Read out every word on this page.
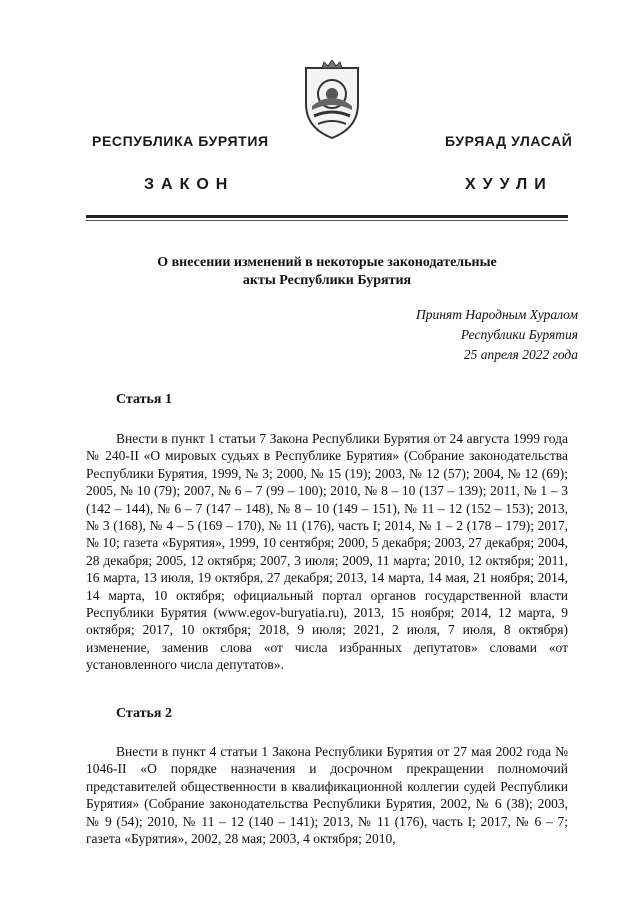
РЕСПУБЛИКА БУРЯТИЯ	БУРЯАД УЛАСАЙ
ЗАКОН	ХУУЛИ
О внесении изменений в некоторые законодательные
акты Республики Бурятия
Принят Народным Хуралом
Республики Бурятия
25 апреля 2022 года
Статья 1
Внести в пункт 1 статьи 7 Закона Республики Бурятия от 24 августа 1999 года № 240-II «О мировых судьях в Республике Бурятия» (Собрание законодательства Республики Бурятия, 1999, № 3; 2000, № 15 (19); 2003, № 12 (57); 2004, № 12 (69); 2005, № 10 (79); 2007, № 6 – 7 (99 – 100); 2010, № 8 – 10 (137 – 139); 2011, № 1 – 3 (142 – 144), № 6 – 7 (147 – 148), № 8 – 10 (149 – 151), № 11 – 12 (152 – 153); 2013, № 3 (168), № 4 – 5 (169 – 170), № 11 (176), часть I; 2014, № 1 – 2 (178 – 179); 2017, № 10; газета «Бурятия», 1999, 10 сентября; 2000, 5 декабря; 2003, 27 декабря; 2004, 28 декабря; 2005, 12 октября; 2007, 3 июля; 2009, 11 марта; 2010, 12 октября; 2011, 16 марта, 13 июля, 19 октября, 27 декабря; 2013, 14 марта, 14 мая, 21 ноября; 2014, 14 марта, 10 октября; официальный портал органов государственной власти Республики Бурятия (www.egov-buryatia.ru), 2013, 15 ноября; 2014, 12 марта, 9 октября; 2017, 10 октября; 2018, 9 июля; 2021, 2 июля, 7 июля, 8 октября) изменение, заменив слова «от числа избранных депутатов» словами «от установленного числа депутатов».
Статья 2
Внести в пункт 4 статьи 1 Закона Республики Бурятия от 27 мая 2002 года № 1046-II «О порядке назначения и досрочном прекращении полномочий представителей общественности в квалификационной коллегии судей Республики Бурятия» (Собрание законодательства Республики Бурятия, 2002, № 6 (38); 2003, № 9 (54); 2010, № 11 – 12 (140 – 141); 2013, № 11 (176), часть I; 2017, № 6 – 7; газета «Бурятия», 2002, 28 мая; 2003, 4 октября; 2010,
